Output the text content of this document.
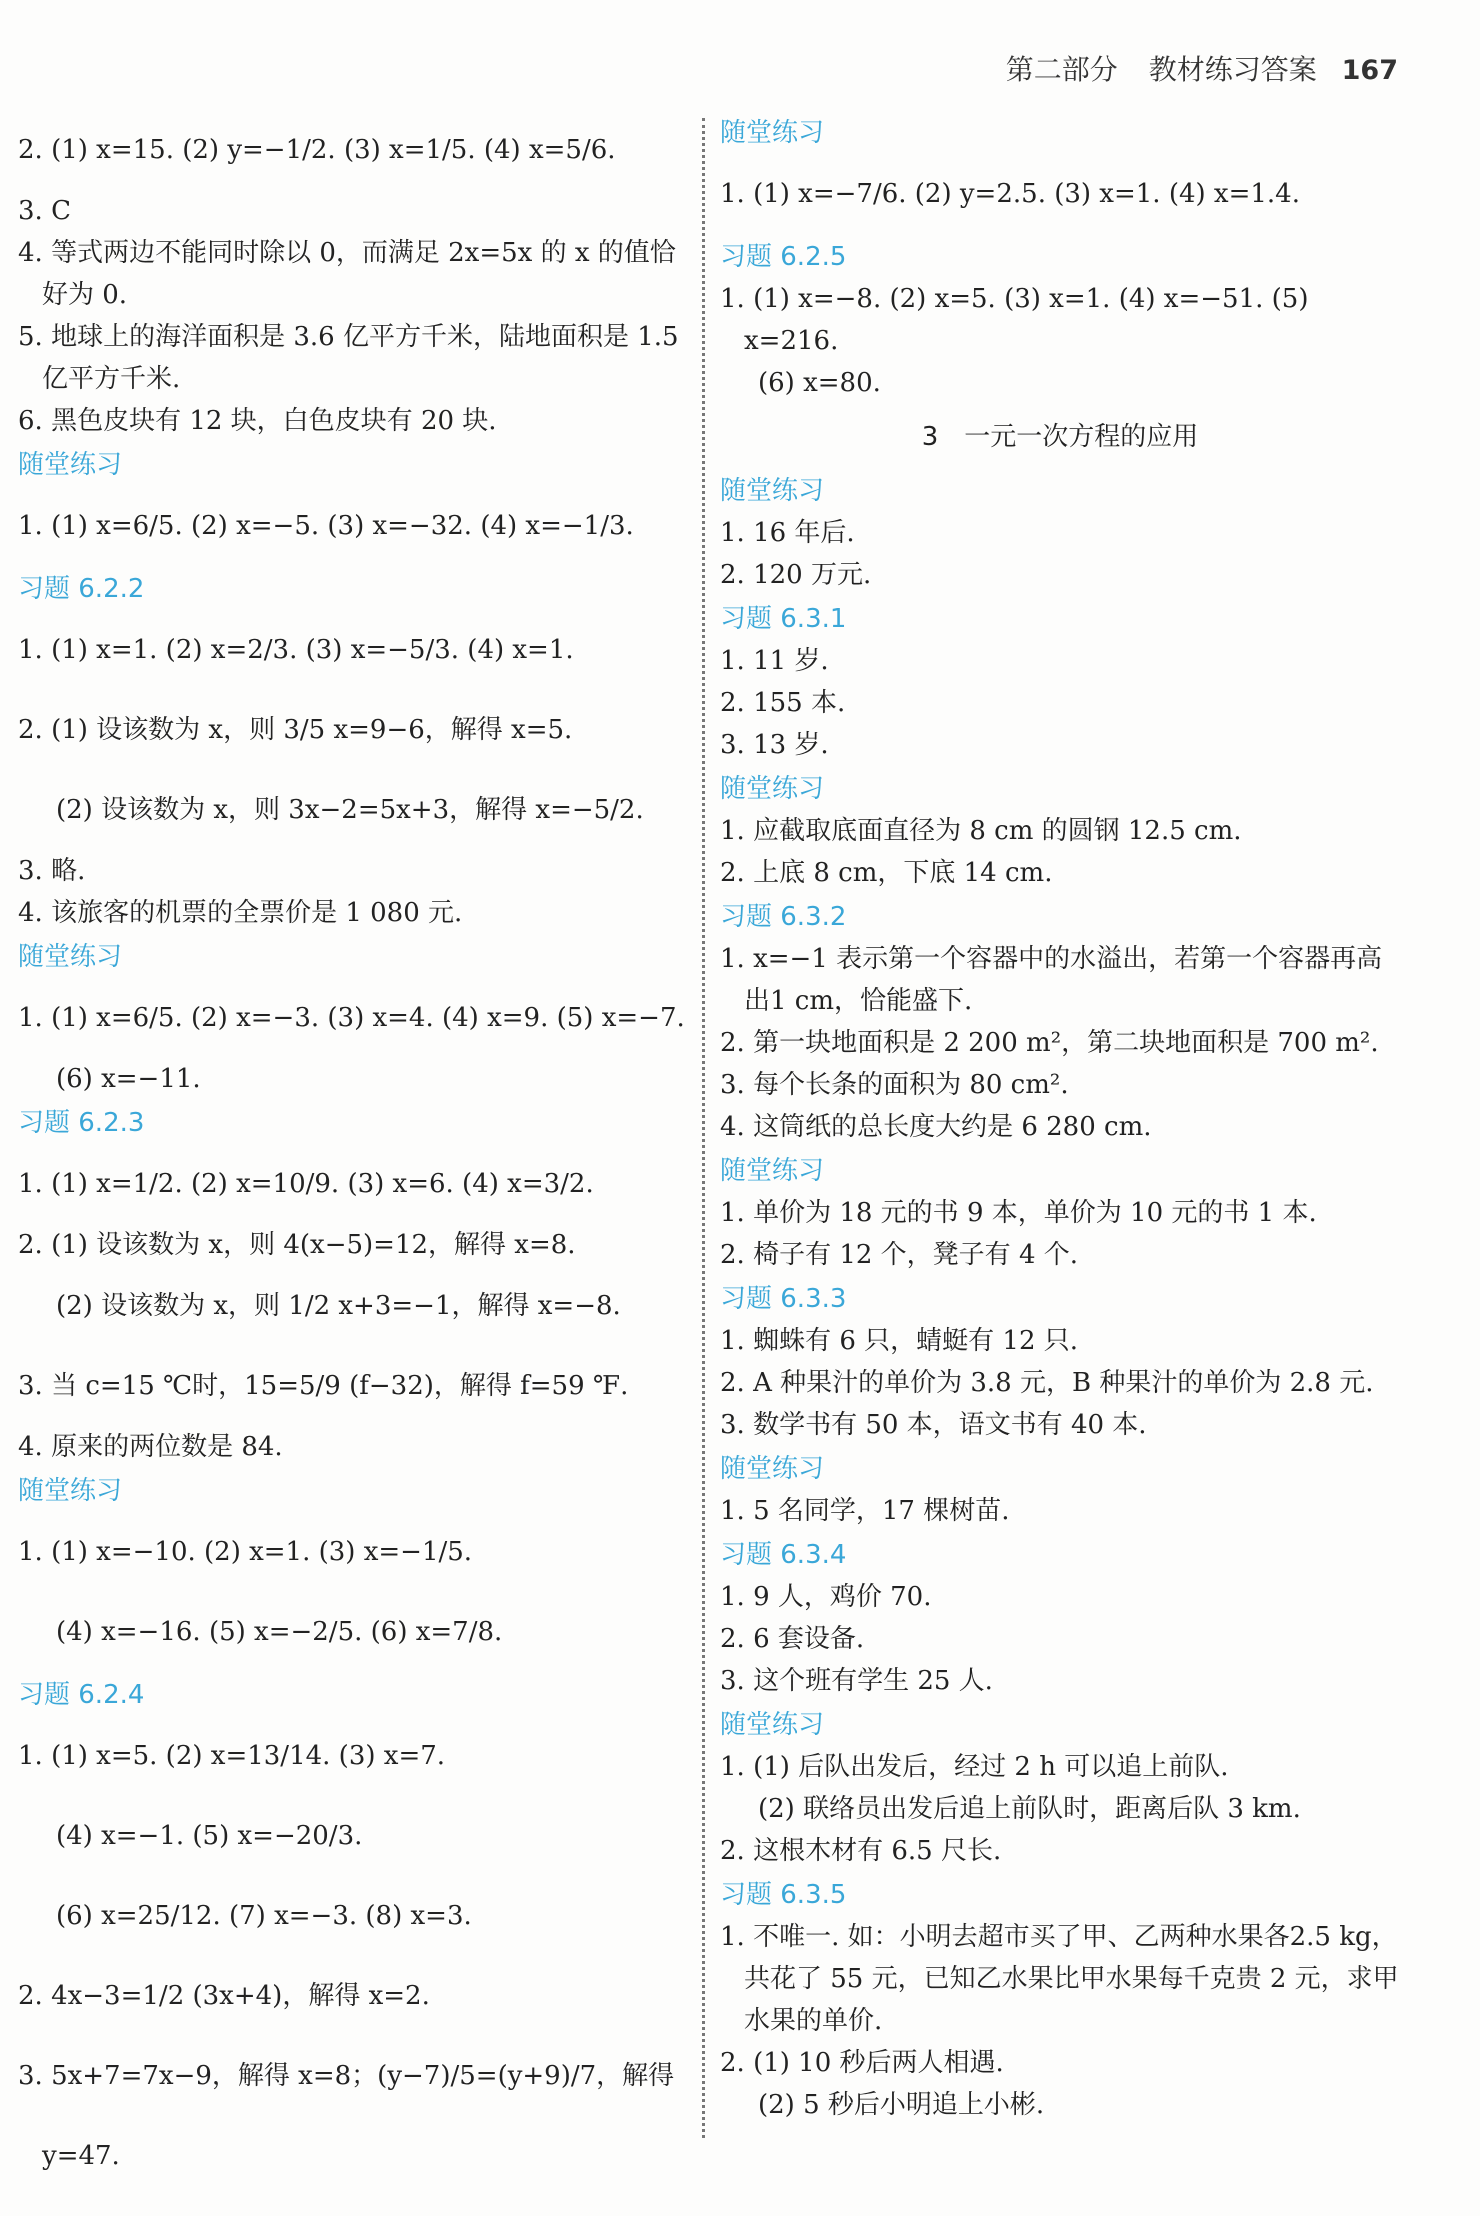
第二部分 教材练习答案 167
2. (1) x=15. (2) y=−1/2. (3) x=1/5. (4) x=5/6.
3. C
4. 等式两边不能同时除以 0，而满足 2x=5x 的 x 的值恰好为 0.
5. 地球上的海洋面积是 3.6 亿平方千米，陆地面积是 1.5 亿平方千米.
6. 黑色皮块有 12 块，白色皮块有 20 块.
随堂练习
1. (1) x=6/5. (2) x=−5. (3) x=−32. (4) x=−1/3.
习题 6.2.2
1. (1) x=1. (2) x=2/3. (3) x=−5/3. (4) x=1.
2. (1) 设该数为 x，则 3/5 x=9−6，解得 x=5.
(2) 设该数为 x，则 3x−2=5x+3，解得 x=−5/2.
3. 略.
4. 该旅客的机票的全票价是 1 080 元.
随堂练习
1. (1) x=6/5. (2) x=−3. (3) x=4. (4) x=9. (5) x=−7.
(6) x=−11.
习题 6.2.3
1. (1) x=1/2. (2) x=10/9. (3) x=6. (4) x=3/2.
2. (1) 设该数为 x，则 4(x−5)=12，解得 x=8.
(2) 设该数为 x，则 1/2 x+3=−1，解得 x=−8.
3. 当 c=15 ℃时，15=5/9 (f−32)，解得 f=59 ℉.
4. 原来的两位数是 84.
随堂练习
1. (1) x=−10. (2) x=1. (3) x=−1/5.
(4) x=−16. (5) x=−2/5. (6) x=7/8.
习题 6.2.4
1. (1) x=5. (2) x=13/14. (3) x=7.
(4) x=−1. (5) x=−20/3.
(6) x=25/12. (7) x=−3. (8) x=3.
2. 4x−3=1/2 (3x+4)，解得 x=2.
3. 5x+7=7x−9，解得 x=8；(y−7)/5=(y+9)/7，解得 y=47.
随堂练习
1. (1) x=−7/6. (2) y=2.5. (3) x=1. (4) x=1.4.
习题 6.2.5
1. (1) x=−8. (2) x=5. (3) x=1. (4) x=−51. (5) x=216.
(6) x=80.
3　一元一次方程的应用
随堂练习
1. 16 年后.
2. 120 万元.
习题 6.3.1
1. 11 岁.
2. 155 本.
3. 13 岁.
随堂练习
1. 应截取底面直径为 8 cm 的圆钢 12.5 cm.
2. 上底 8 cm，下底 14 cm.
习题 6.3.2
1. x=−1 表示第一个容器中的水溢出，若第一个容器再高出1 cm，恰能盛下.
2. 第一块地面积是 2 200 m²，第二块地面积是 700 m².
3. 每个长条的面积为 80 cm².
4. 这筒纸的总长度大约是 6 280 cm.
随堂练习
1. 单价为 18 元的书 9 本，单价为 10 元的书 1 本.
2. 椅子有 12 个，凳子有 4 个.
习题 6.3.3
1. 蜘蛛有 6 只，蜻蜓有 12 只.
2. A 种果汁的单价为 3.8 元，B 种果汁的单价为 2.8 元.
3. 数学书有 50 本，语文书有 40 本.
随堂练习
1. 5 名同学，17 棵树苗.
习题 6.3.4
1. 9 人，鸡价 70.
2. 6 套设备.
3. 这个班有学生 25 人.
随堂练习
1. (1) 后队出发后，经过 2 h 可以追上前队.
(2) 联络员出发后追上前队时，距离后队 3 km.
2. 这根木材有 6.5 尺长.
习题 6.3.5
1. 不唯一. 如：小明去超市买了甲、乙两种水果各2.5 kg，共花了 55 元，已知乙水果比甲水果每千克贵 2 元，求甲水果的单价.
2. (1) 10 秒后两人相遇.
(2) 5 秒后小明追上小彬.
